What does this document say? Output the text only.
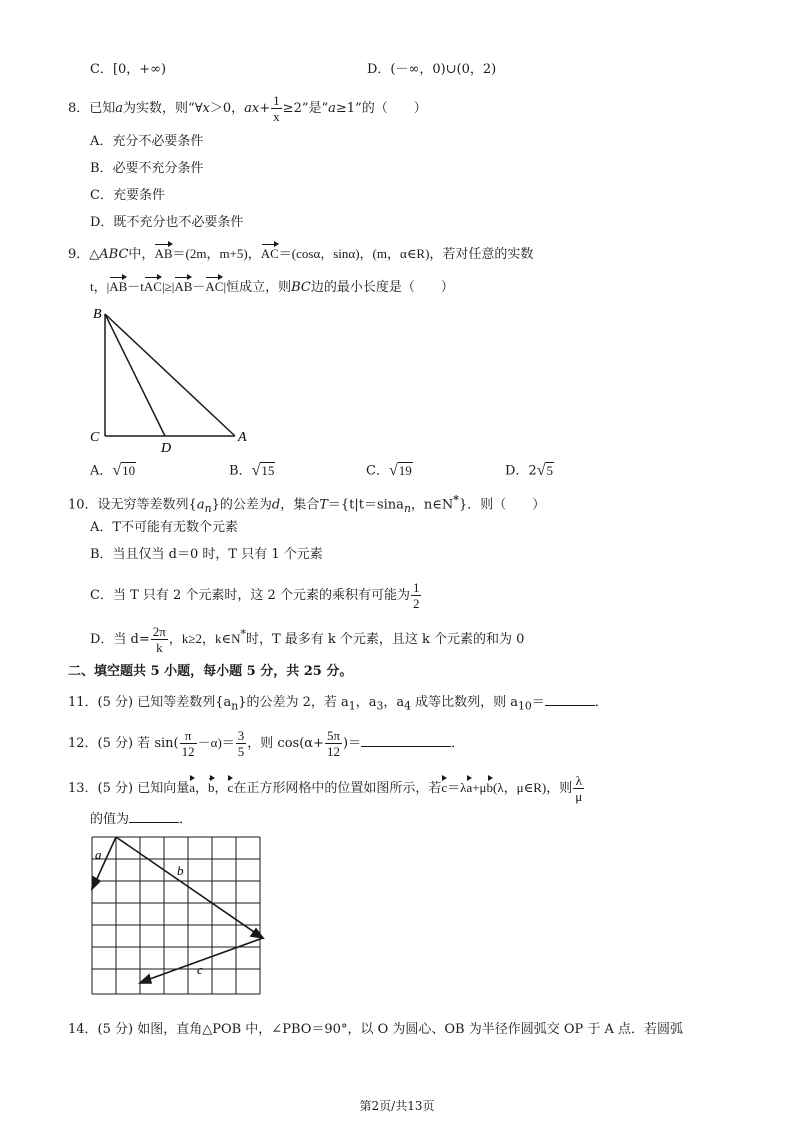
C．[0，+∞)	D．(－∞，0)∪(0，2)
8．已知a为实数，则“∀x＞0，$ax+ \frac{1}{x} \ge 2$”是“a≥1”的（　　）
A．充分不必要条件
B．必要不充分条件
C．充要条件
D．既不充分也不必要条件
9．△ABC中，AB＝(2m，m+5)，AC＝(cosα，sinα)，(m，α∈R)，若对任意的实数
t，|AB－tAC|≥|AB－AC|恒成立，则BC边的最小长度是（　　）
B
C
D
A
A．√10	B．√15	C．√19	D．2√5
10．设无穷等差数列$\{a_n\}$的公差为d，集合T＝{t|t＝sina$_n$，n∈N*}．则（　　）
A．T不可能有无数个元素
B．当且仅当 d＝0 时，T 只有 1 个元素
C．当 T 只有 2 个元素时，这 2 个元素的乘积有可能为 $\frac{1}{2}$
D．当 $d= \frac{2\pi}{k}$ ，k≥2，k∈N*时，T 最多有 k 个元素，且这 k 个元素的和为 0
二、填空题共 5 小题，每小题 5 分，共 25 分。
11．(5 分) 已知等差数列$\{a_n\}$的公差为 2，若 $a_1$，$a_3$，$a_4$ 成等比数列，则 $a_{10}=$	．
12．(5 分) 若 $\sin( \frac{\pi}{12} -\alpha)= \frac{3}{5}$ ，则 $\cos(\alpha+ \frac{5\pi}{12}$ )＝	．
13．(5 分) 已知向量a，b，c在正方形网格中的位置如图所示，若c＝λa+μb(λ，μ∈R)，则 $\frac{\lambda}{\mu}$
的值为	．
a
b
c
14．(5 分) 如图，直角△POB 中，∠PBO＝90°，以 O 为圆心、OB 为半径作圆弧交 OP 于 A 点．若圆弧
第2页/共13页
